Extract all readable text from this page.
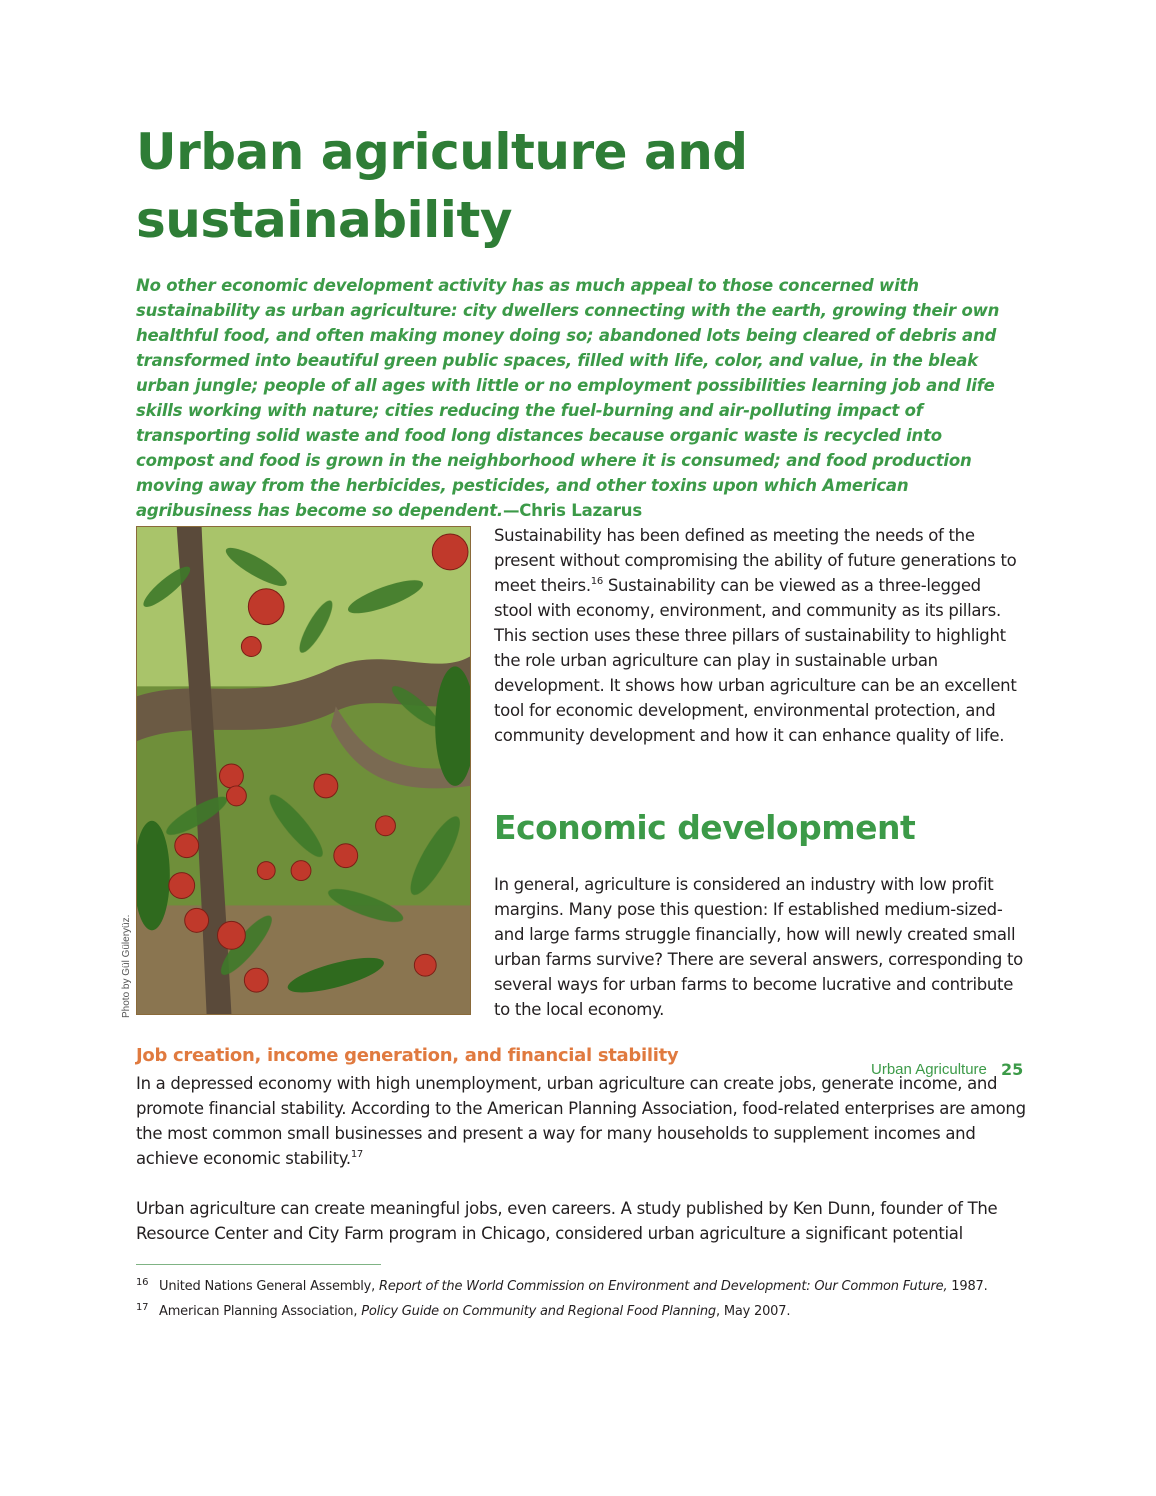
Urban agriculture and sustainability

No other economic development activity has as much appeal to those concerned with sustainability as urban agriculture: city dwellers connecting with the earth, growing their own healthful food, and often making money doing so; abandoned lots being cleared of debris and transformed into beautiful green public spaces, filled with life, color, and value, in the bleak urban jungle; people of all ages with little or no employment possibilities learning job and life skills working with nature; cities reducing the fuel-burning and air-polluting impact of transporting solid waste and food long distances because organic waste is recycled into compost and food is grown in the neighborhood where it is consumed; and food production moving away from the herbicides, pesticides, and other toxins upon which American agribusiness has become so dependent.—Chris Lazarus

Photo by Gül Güleryüz.

Sustainability has been defined as meeting the needs of the present without compromising the ability of future generations to meet theirs.$^{16}$ Sustainability can be viewed as a three-legged stool with economy, environment, and community as its pillars. This section uses these three pillars of sustainability to highlight the role urban agriculture can play in sustainable urban development. It shows how urban agriculture can be an excellent tool for economic development, environmental protection, and community development and how it can enhance quality of life.

Economic development

In general, agriculture is considered an industry with low profit margins. Many pose this question: If established medium-sized- and large farms struggle financially, how will newly created small urban farms survive? There are several answers, corresponding to several ways for urban farms to become lucrative and contribute to the local economy.

Job creation, income generation, and financial stability

In a depressed economy with high unemployment, urban agriculture can create jobs, generate income, and promote financial stability. According to the American Planning Association, food-related enterprises are among the most common small businesses and present a way for many households to supplement incomes and achieve economic stability.$^{17}$

Urban agriculture can create meaningful jobs, even careers. A study published by Ken Dunn, founder of The Resource Center and City Farm program in Chicago, considered urban agriculture a significant potential

16 United Nations General Assembly, Report of the World Commission on Environment and Development: Our Common Future, 1987.

17 American Planning Association, Policy Guide on Community and Regional Food Planning, May 2007.

Urban Agriculture 25
